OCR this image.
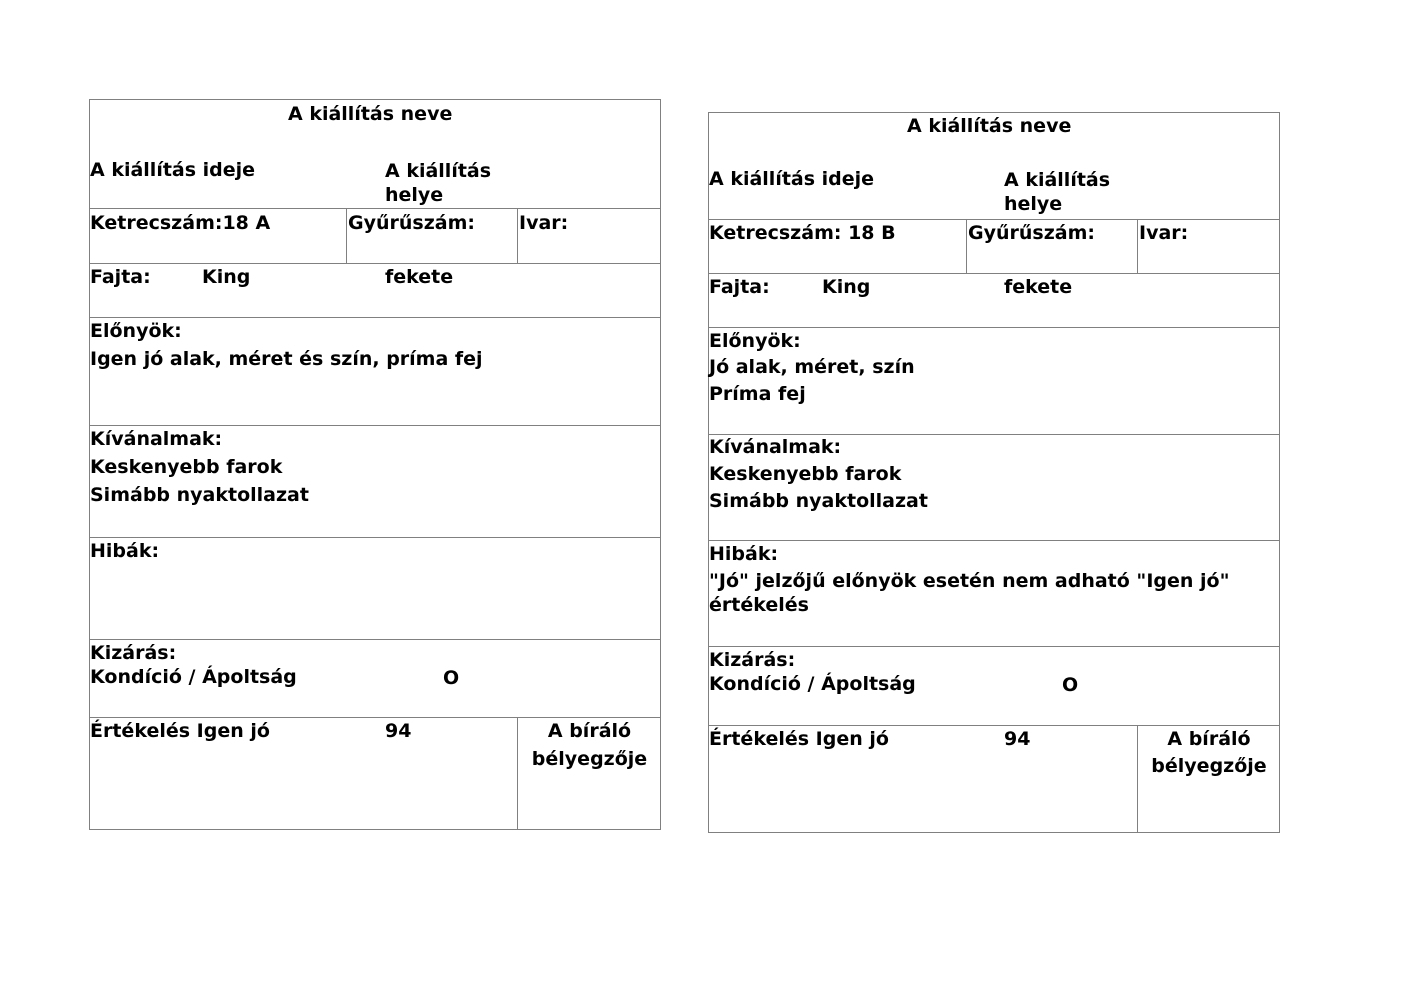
A kiállítás neve
A kiállítás ideje	A kiállítás
helye
Ketrecszám:18 A	Gyűrűszám: Ivar:
Fajta:	King	fekete
Előnyök:
Igen jó alak, méret és szín, príma fej
Kívánalmak:
Keskenyebb farok
Simább nyaktollazat
Hibák:
Kizárás:
Kondíció / Ápoltság	O
Értékelés Igen jó	94	A bíráló
bélyegzője
A kiállítás neve
A kiállítás ideje	A kiállítás
helye
Ketrecszám: 18 B	Gyűrűszám: Ivar:
Fajta:	King	fekete
Előnyök:
Jó alak, méret, szín
Príma fej
Kívánalmak:
Keskenyebb farok
Simább nyaktollazat
Hibák:
"Jó" jelzőjű előnyök esetén nem adható "Igen jó"
értékelés
Kizárás:
Kondíció / Ápoltság	O
Értékelés Igen jó	94	A bíráló
bélyegzője
